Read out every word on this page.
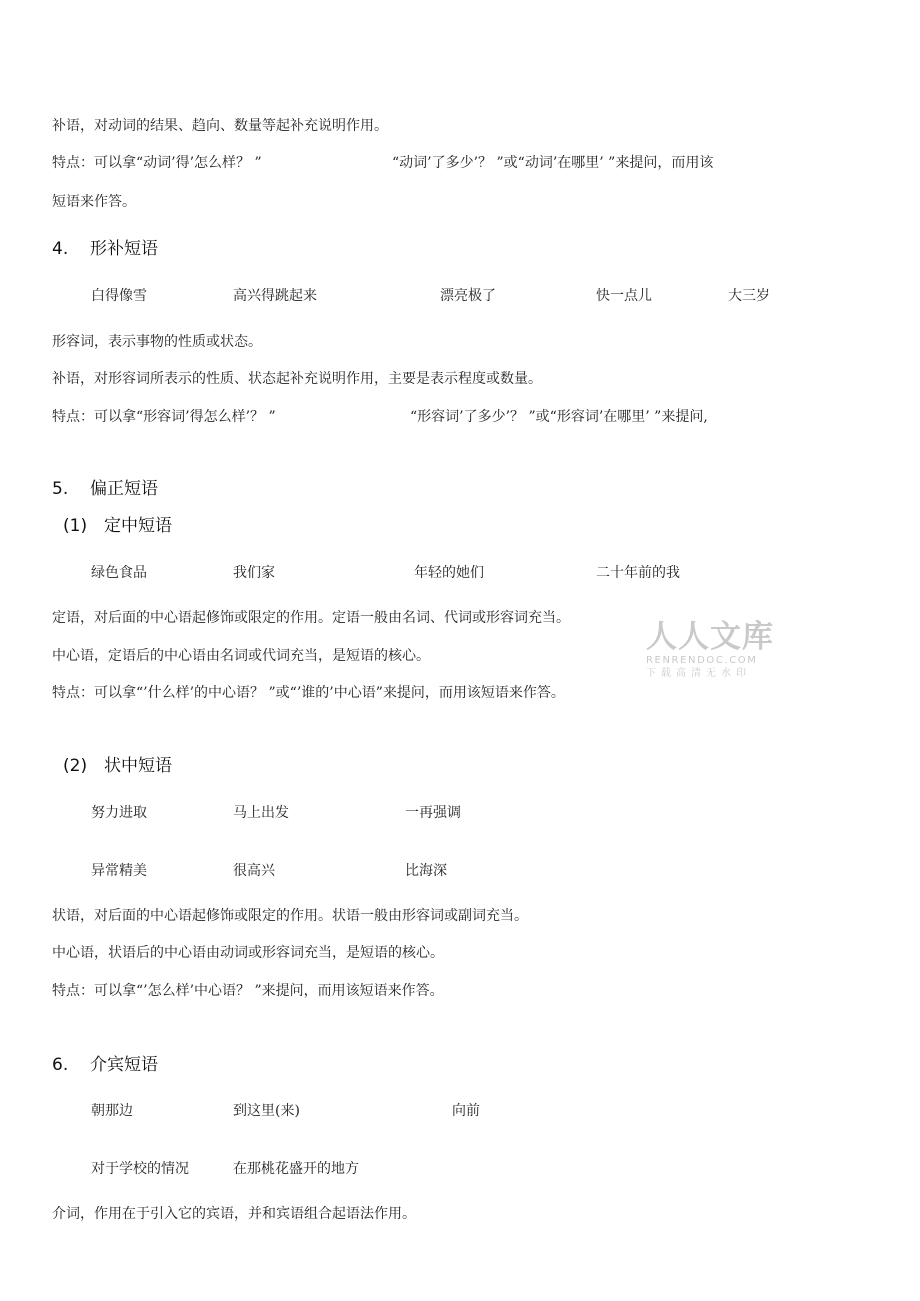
补语，对动词的结果、趋向、数量等起补充说明作用。
特点：可以拿“动词’得’怎么样？ ”	“动词’了多少’？ ”或“动词’在哪里’ ”来提问，而用该
短语来作答。
4. 形补短语
白得像雪	高兴得跳起来	漂亮极了	快一点儿	大三岁
形容词，表示事物的性质或状态。
补语，对形容词所表示的性质、状态起补充说明作用，主要是表示程度或数量。
特点：可以拿“形容词’得怎么样’？ ”	“形容词’了多少’？ ”或“形容词’在哪里’ ”来提问,
5. 偏正短语
(1) 定中短语
绿色食品	我们家	年轻的她们	二十年前的我
定语，对后面的中心语起修饰或限定的作用。定语一般由名词、代词或形容词充当。
中心语，定语后的中心语由名词或代词充当，是短语的核心。
特点：可以拿“’什么样’的中心语？ ”或“’谁的’中心语”来提问，而用该短语来作答。
(2) 状中短语
努力进取	马上出发	一再强调
异常精美	很高兴	比海深
状语，对后面的中心语起修饰或限定的作用。状语一般由形容词或副词充当。
中心语，状语后的中心语由动词或形容词充当，是短语的核心。
特点：可以拿“’怎么样’中心语？ ”来提问，而用该短语来作答。
6. 介宾短语
朝那边	到这里(来)	向前
对于学校的情况	在那桃花盛开的地方
介词，作用在于引入它的宾语，并和宾语组合起语法作用。
人人文库
RENRENDOC.COM
下载高清无水印
